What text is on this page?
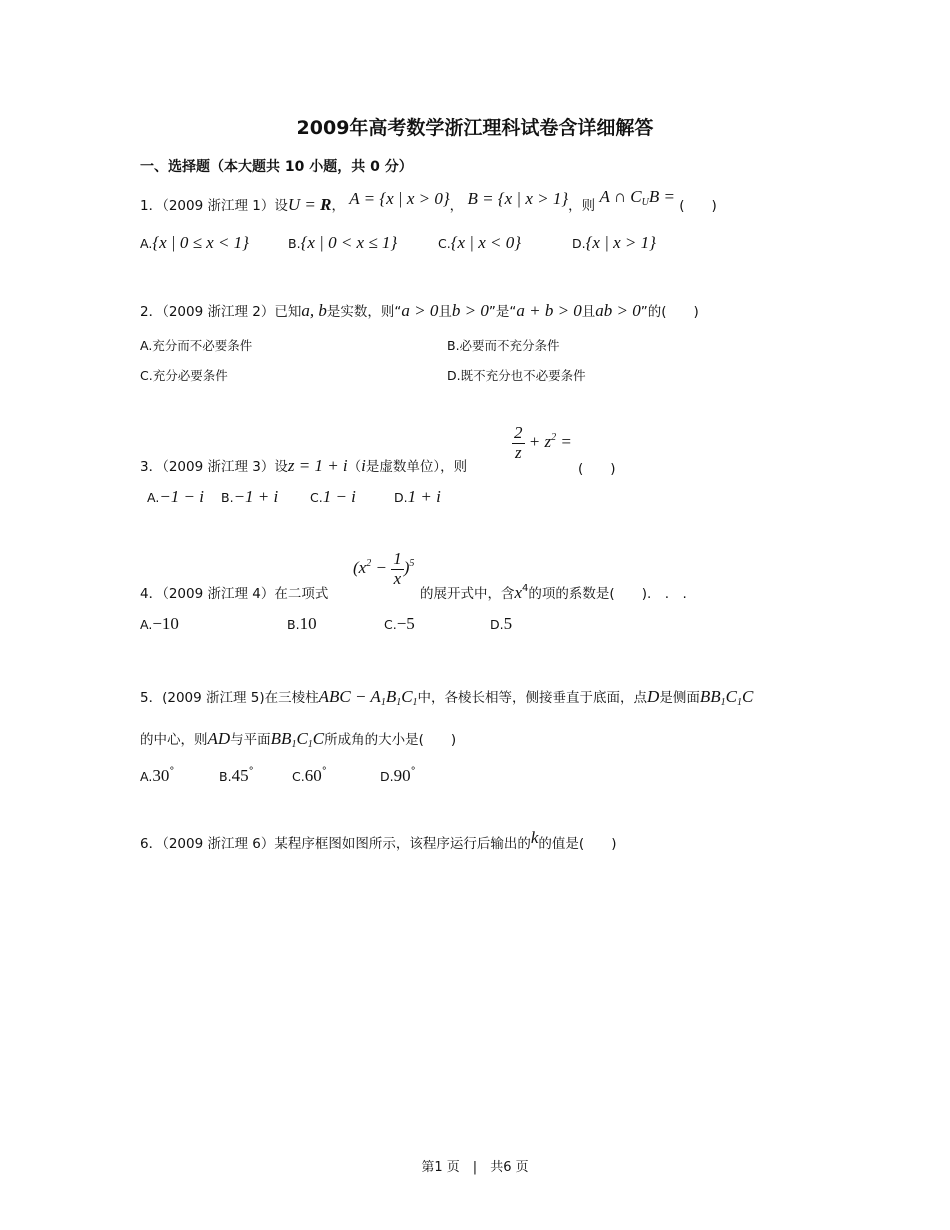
2009年高考数学浙江理科试卷含详细解答
一、选择题（本大题共 10 小题，共 0 分）
1．（2009 浙江理 1）设U = R， A = {x | x > 0}， B = {x | x > 1}，则 A ∩ $C_UB$ = (　　)
A.{x | 0 ≤ x < 1}	B.{x | 0 < x ≤ 1}	C.{x | x < 0}	D.{x | x > 1}
2．（2009 浙江理 2）已知a, b是实数，则“a > 0且b > 0”是“a + b > 0且ab > 0”的(　　)
A.充分而不必要条件	B.必要而不充分条件
C.充分必要条件	D.既不充分也不必要条件
3．（2009 浙江理 3）设z = 1 + i（i是虚数单位），则
$\frac{2}{z} + z^2$ =
(　　)
A.−1 − i B.−1 + i	C.1 − i	D.1 + i
4．（2009 浙江理 4）在二项式
$(x^2 - \frac{1}{x} )^5$
的展开式中，含$x^4$的项的系数是(　　).　.　.
A.−10	B.10	C.−5	D.5
5．(2009 浙江理 5)在三棱柱ABC − $A_1B_1C_1$中，各棱长相等，侧接垂直于底面，点D是侧面$BB_1C_1C$
的中心，则AD与平面$BB_1C_1C$所成角的大小是(　　)
A.30°	B.45°	C.60°	D.90°
6．（2009 浙江理 6）某程序框图如图所示，该程序运行后输出的k的值是(　　)
第1 页　|　共6 页
